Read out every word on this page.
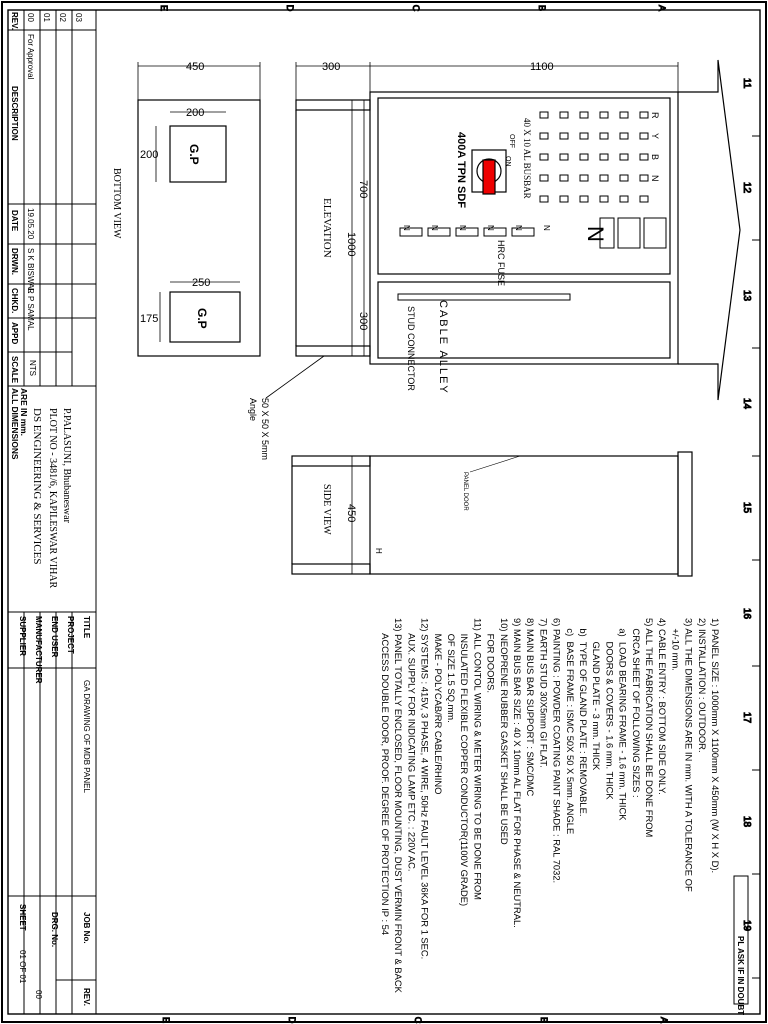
A
A
B
B
C
C
D
D
E
E
11
12
13
14
15
16
17
18
19
1100
300
1000
700
300
ELEVATION
40 X 10 AL BUSBAR
R
Y
B
N
400A TPN SDF	ON
OFF
HRC FUSE
N
N
N
N
N
N
N
STUD CONNECTOR CABLE ALLEY
50 X 50 X 5mm
Angle
450
200
200
250
175
G.P
G.P
BOTTOM VIEW
450
SIDE VIEW	PANEL DOOR
H
1) PANEL SIZE : 1000mm X 1100mm X 450mm (W X H X D).
2) INSTALLATION : OUTDOOR.
3) ALL THE DIMENSIONS ARE IN mm. WITH A TOLERANCE OF
+/-10 mm.
4) CABLE ENTRY : BOTTOM SIDE ONLY.
5) ALL THE FABRICATION SHALL BE DONE FROM
CRCA SHEET OF FOLLOWING SIZES :
a)  LOAD BEARING FRAME - 1.6 mm. THICK
DOORS & COVERS - 1.6 mm. THICK
GLAND PLATE - 3 mm. THICK
b)  TYPE OF GLAND PLATE : REMOVABLE.
c)  BASE FRAME : ISMC 50X 50 X 5mm. ANGLE
6) PAINTING : POWDER COATING PAINT SHADE : RAL 7032.
7) EARTH STUD 30X5mm GI FLAT.
8) MAIN BUS BAR SUPPORT : SMC/DMC
9) MAIN BUS BAR SIZE : 40 X 10mm AL FLAT FOR PHASE & NEUTRAL.
10) NEOPRENE RUBBER GASKET SHALL BE USED
FOR DOORS.
11) ALL CONTOL WIRING & METER WIRING TO BE DONE FROM
INSULATED FLEXIBLE COPPER CONDUCTOR(1100V GRADE)
OF SIZE 1.5 SQ.mm.
MAKE - POLYCAB/RR CABLE/RHINO
12) SYSTEMS : 415V, 3 PHASE, 4 WIRE, 50Hz FAULT LEVEL 36KA FOR 1 SEC.
AUX. SUPPLY FOR INDICATING LAMP ETC. : 220V AC.
13) PANEL TOTALLY ENCLOSED, FLOOR MOUNTING, DUST VERMIN FRONT & BACK
ACCESS DOUBLE DOOR, PROOF. DEGREE OF PROTECTION IP : 54
PL ASK IF IN DOUBT
REV.
DESCRIPTION
DATE
DRWN.
CHKD.
APPD
SCALE
00
For Approval
19.05.20
S K BISWAL
R P SAMAL
01 02 03
NTS
ALL DIMENSIONS ARE IN mm. DS ENGINEERING & SERVICES PLOT NO - 3481/6, KAPILESWAR VIHAR P.PALASUNI, Bhubaneswar
TITLE
GA DRAWING OF MDB PANEL
PROJECT
END USER
MANUFACTURER
SUPPLIER
JOB No.
DRG. No.
REV.
00
SHEET
01 OF 01
